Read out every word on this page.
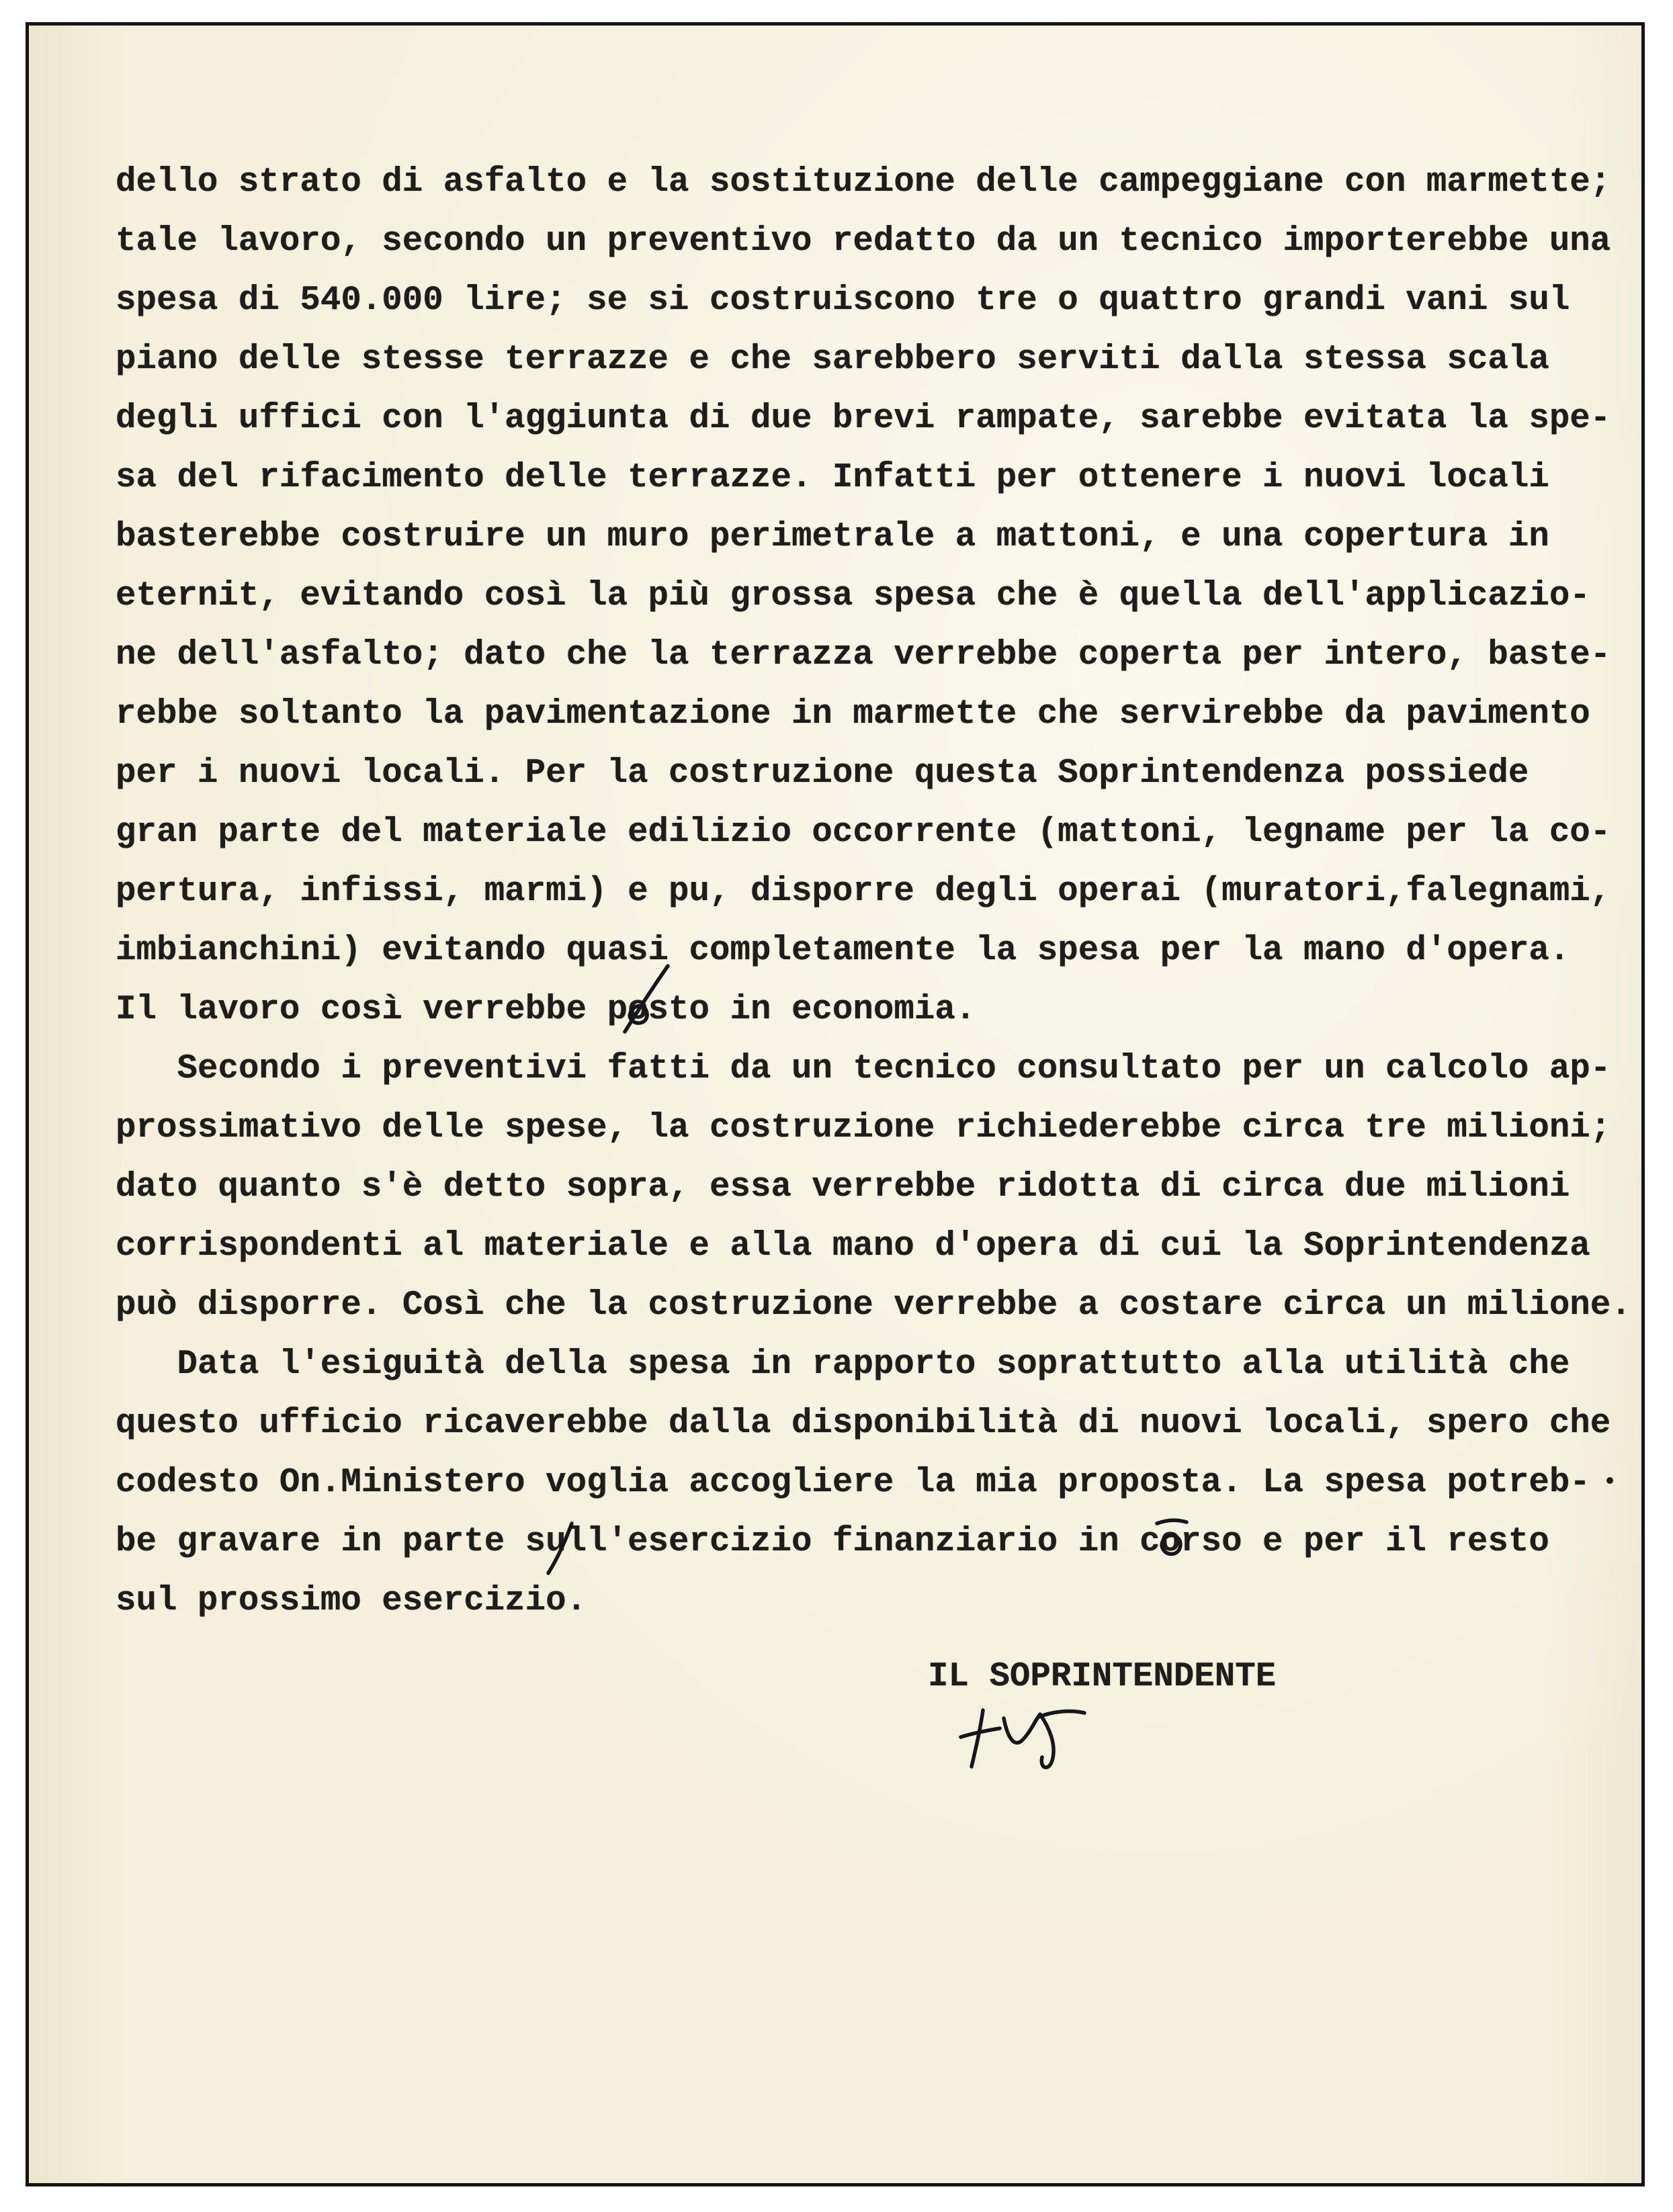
dello strato di asfalto e la sostituzione delle campeggiane con marmette;
tale lavoro, secondo un preventivo redatto da un tecnico importerebbe una
spesa di 540.000 lire; se si costruiscono tre o quattro grandi vani sul
piano delle stesse terrazze e che sarebbero serviti dalla stessa scala
degli uffici con l'aggiunta di due brevi rampate, sarebbe evitata la spe-
sa del rifacimento delle terrazze. Infatti per ottenere i nuovi locali
basterebbe costruire un muro perimetrale a mattoni, e una copertura in
eternit, evitando così la più grossa spesa che è quella dell'applicazio-
ne dell'asfalto; dato che la terrazza verrebbe coperta per intero, baste-
rebbe soltanto la pavimentazione in marmette che servirebbe da pavimento
per i nuovi locali. Per la costruzione questa Soprintendenza possiede
gran parte del materiale edilizio occorrente (mattoni, legname per la co-
pertura, infissi, marmi) e pu, disporre degli operai (muratori,falegnami,
imbianchini) evitando quasi completamente la spesa per la mano d'opera.
Il lavoro così verrebbe posto in economia.
Secondo i preventivi fatti da un tecnico consultato per un calcolo ap-
prossimativo delle spese, la costruzione richiederebbe circa tre milioni;
dato quanto s'è detto sopra, essa verrebbe ridotta di circa due milioni
corrispondenti al materiale e alla mano d'opera di cui la Soprintendenza
può disporre. Così che la costruzione verrebbe a costare circa un milione.
Data l'esiguità della spesa in rapporto soprattutto alla utilità che
questo ufficio ricaverebbe dalla disponibilità di nuovi locali, spero che
codesto On.Ministero voglia accogliere la mia proposta. La spesa potreb-
be gravare in parte sull'esercizio finanziario in corso e per il resto
sul prossimo esercizio.
IL SOPRINTENDENTE
